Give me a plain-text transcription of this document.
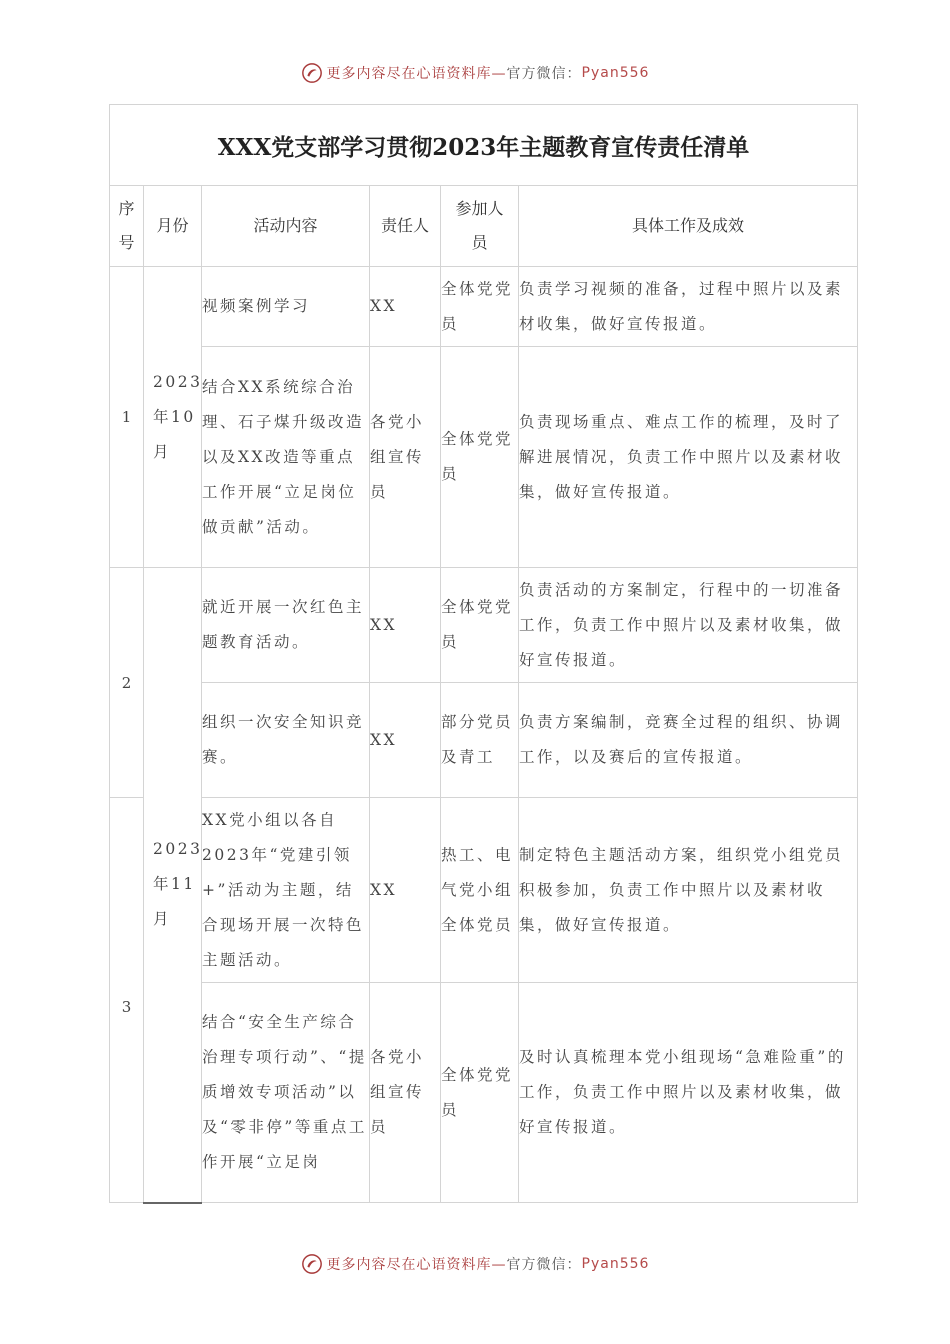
更多内容尽在心语资料库— 官方微信： Pyan556
XXX党支部学习贯彻2023年主题教育宣传责任清单					
序号	月份	活动内容	责任人	参加人员	具体工作及成效
1	2023年10月	视频案例学习	XX	全体党党员	负责学习视频的准备，过程中照片以及素材收集，做好宣传报道。
		结合XX系统综合治理、石子煤升级改造以及XX改造等重点工作开展“立足岗位做贡献”活动。	各党小组宣传员	全体党党员	负责现场重点、难点工作的梳理，及时了解进展情况，负责工作中照片以及素材收集，做好宣传报道。
2	2023年11月	就近开展一次红色主题教育活动。	XX	全体党党员	负责活动的方案制定，行程中的一切准备工作，负责工作中照片以及素材收集，做好宣传报道。
		组织一次安全知识竞赛。	XX	部分党员及青工	负责方案编制，竞赛全过程的组织、协调工作，以及赛后的宣传报道。
3		XX党小组以各自2023年“党建引领+”活动为主题，结合现场开展一次特色主题活动。	XX	热工、电气党小组全体党员	制定特色主题活动方案，组织党小组党员积极参加，负责工作中照片以及素材收集，做好宣传报道。
		结合“安全生产综合治理专项行动”、“提质增效专项活动”以及“零非停”等重点工作开展“立足岗	各党小组宣传员	全体党党员	及时认真梳理本党小组现场“急难险重”的工作，负责工作中照片以及素材收集，做好宣传报道。
更多内容尽在心语资料库— 官方微信： Pyan556
